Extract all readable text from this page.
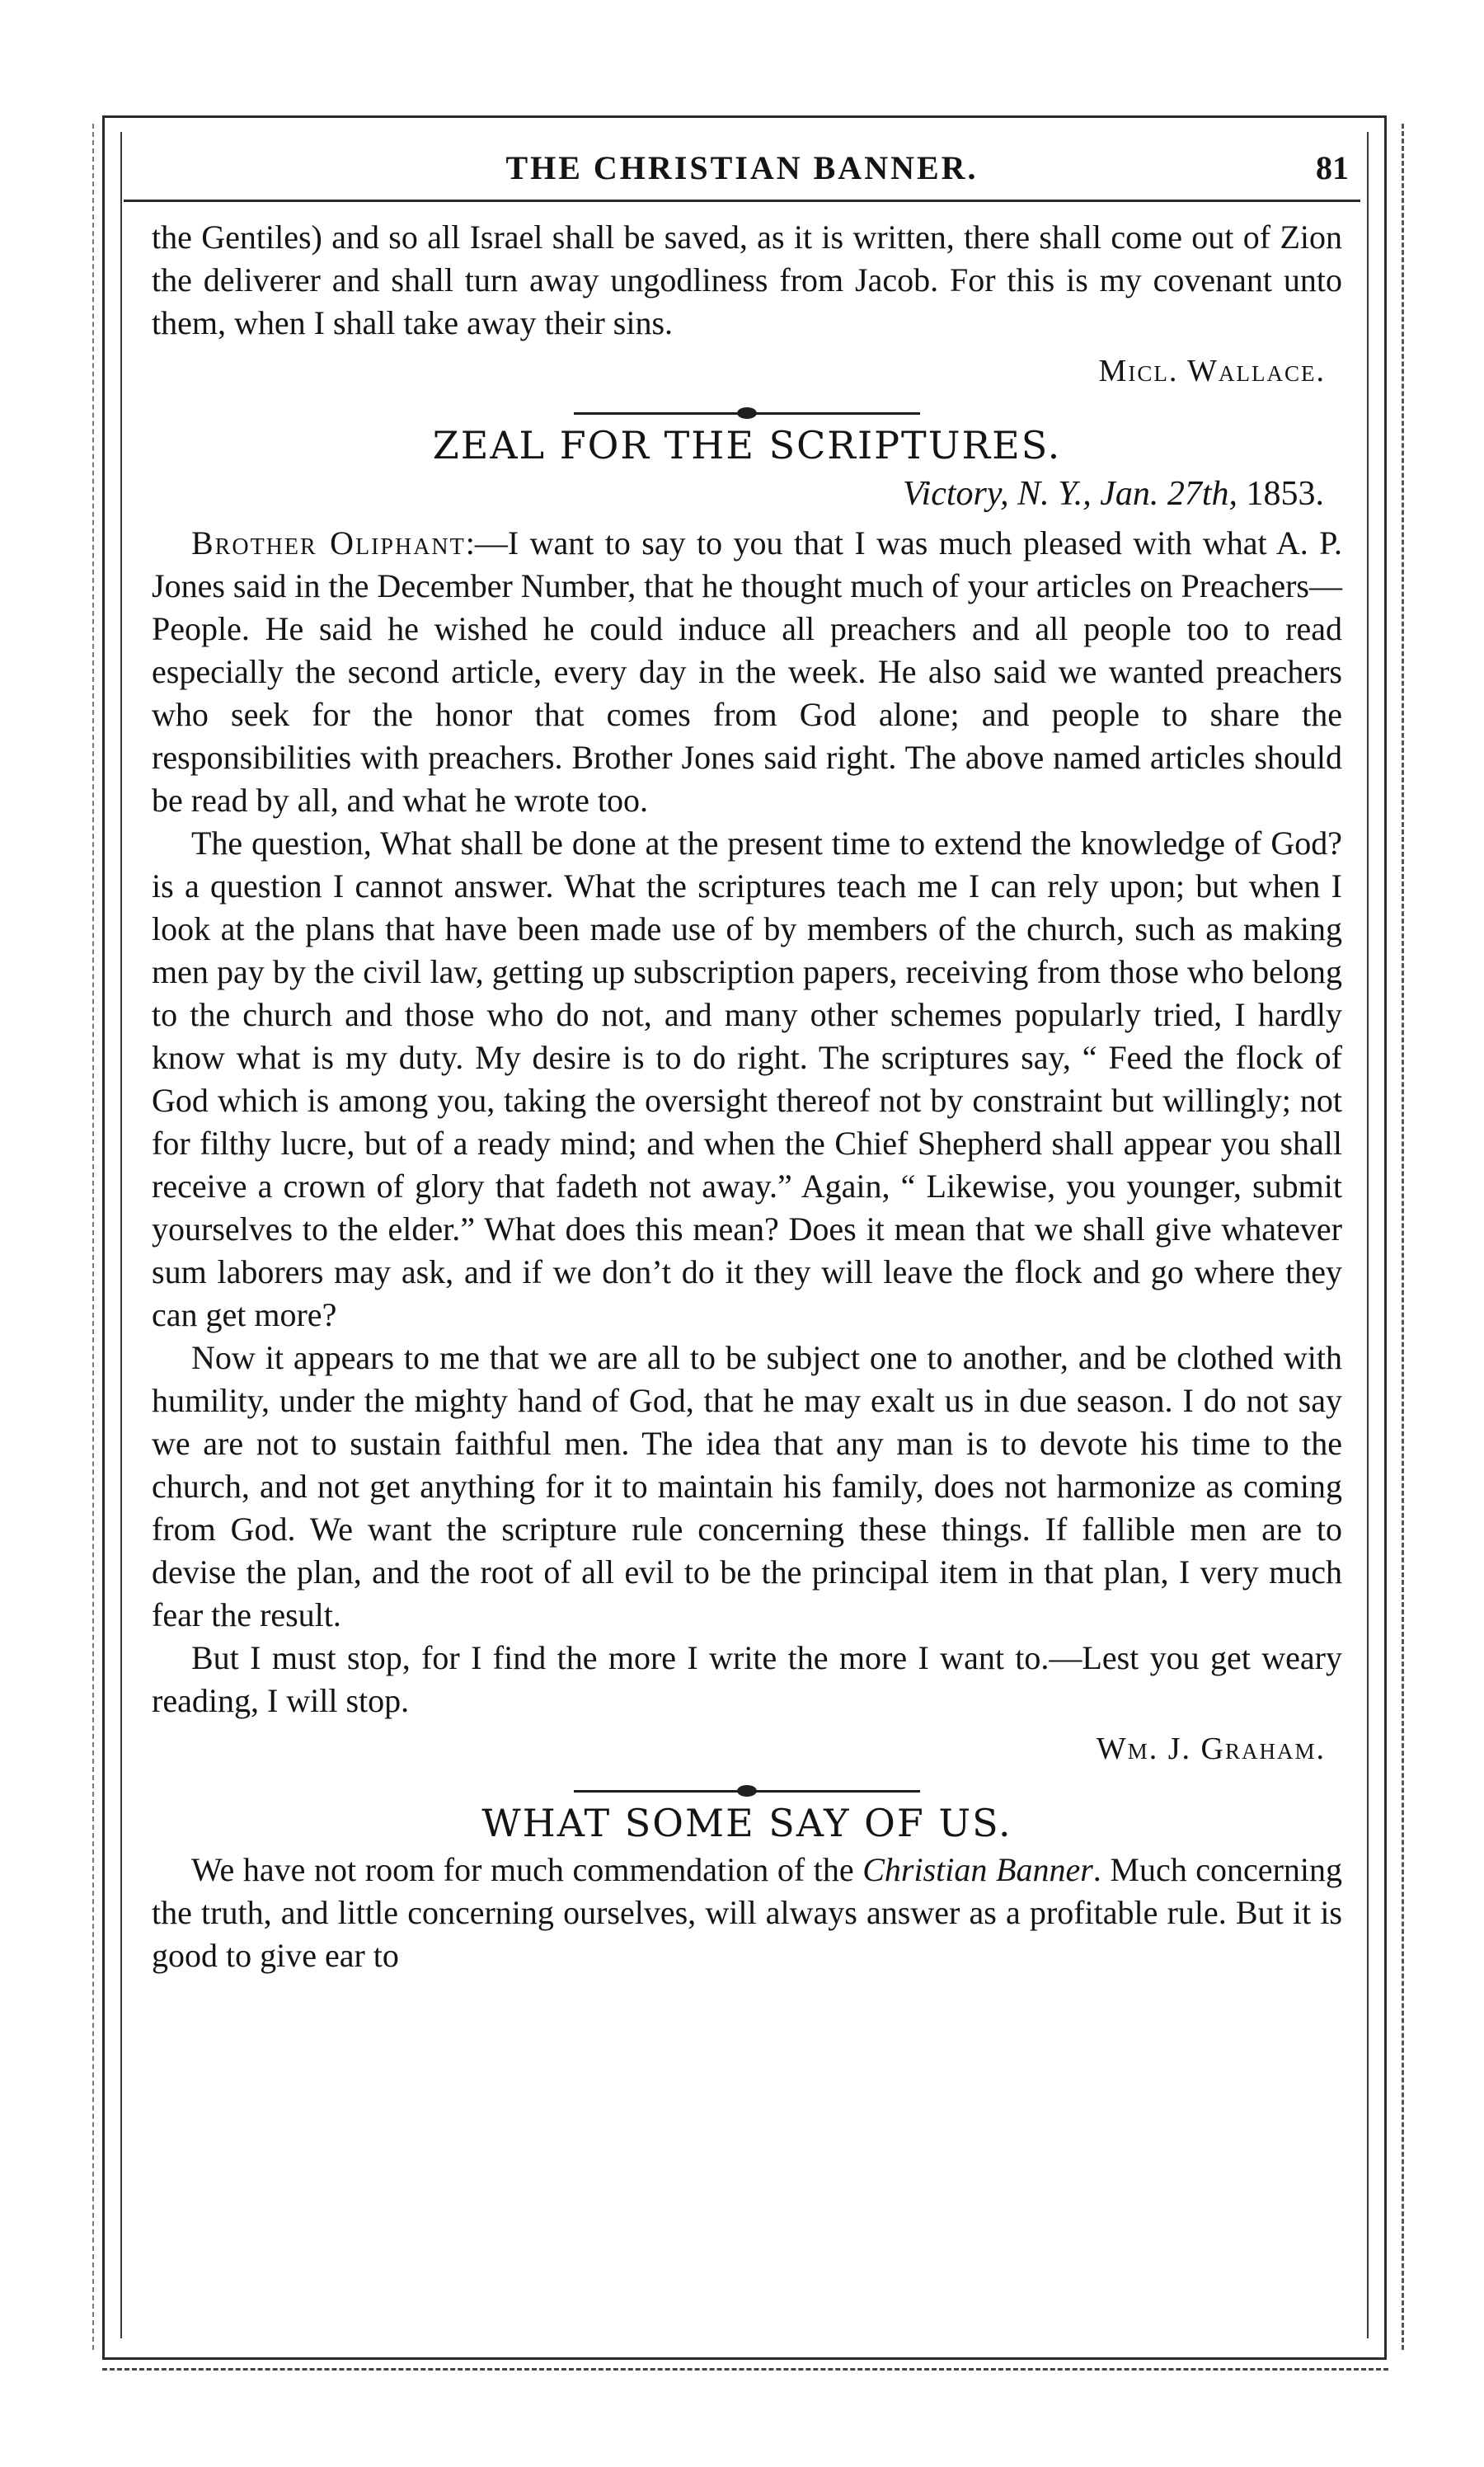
THE CHRISTIAN BANNER.	81

the Gentiles) and so all Israel shall be saved, as it is written, there shall come out of Zion the deliverer and shall turn away ungodliness from Jacob. For this is my covenant unto them, when I shall take away their sins.

Micl. Wallace.
ZEAL FOR THE SCRIPTURES.
Victory, N. Y., Jan. 27th, 1853.

Brother Oliphant:—I want to say to you that I was much pleased with what A. P. Jones said in the December Number, that he thought much of your articles on Preachers—People. He said he wished he could induce all preachers and all people too to read especially the second article, every day in the week. He also said we wanted preachers who seek for the honor that comes from God alone; and people to share the responsibilities with preachers. Brother Jones said right. The above named articles should be read by all, and what he wrote too.

The question, What shall be done at the present time to extend the knowledge of God? is a question I cannot answer. What the scriptures teach me I can rely upon; but when I look at the plans that have been made use of by members of the church, such as making men pay by the civil law, getting up subscription papers, receiving from those who belong to the church and those who do not, and many other schemes popularly tried, I hardly know what is my duty. My desire is to do right. The scriptures say, “ Feed the flock of God which is among you, taking the oversight thereof not by constraint but willingly; not for filthy lucre, but of a ready mind; and when the Chief Shepherd shall appear you shall receive a crown of glory that fadeth not away.” Again, “ Likewise, you younger, submit yourselves to the elder.” What does this mean? Does it mean that we shall give whatever sum laborers may ask, and if we don’t do it they will leave the flock and go where they can get more?

Now it appears to me that we are all to be subject one to another, and be clothed with humility, under the mighty hand of God, that he may exalt us in due season. I do not say we are not to sustain faithful men. The idea that any man is to devote his time to the church, and not get anything for it to maintain his family, does not harmonize as coming from God. We want the scripture rule concerning these things. If fallible men are to devise the plan, and the root of all evil to be the principal item in that plan, I very much fear the result.

But I must stop, for I find the more I write the more I want to.—Lest you get weary reading, I will stop.

Wm. J. Graham.
WHAT SOME SAY OF US.

We have not room for much commendation of the Christian Banner. Much concerning the truth, and little concerning ourselves, will always answer as a profitable rule. But it is good to give ear to
